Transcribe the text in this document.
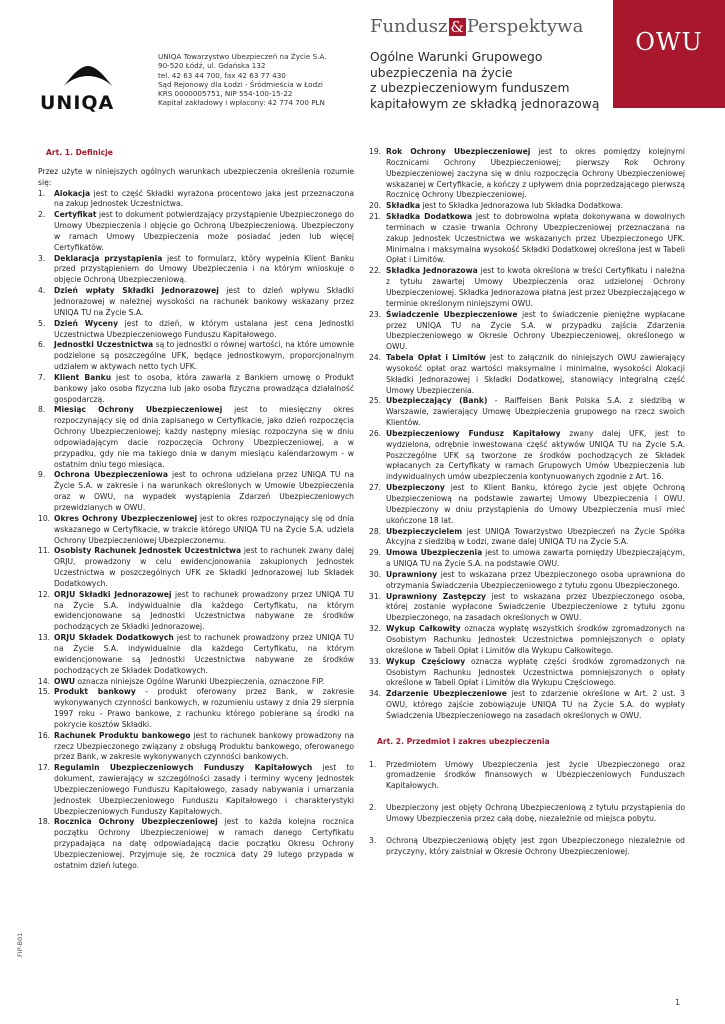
UNIQA
UNIQA Towarzystwo Ubezpieczeń na Życie S.A.
90-520 Łódź, ul. Gdańska 132
tel. 42 63 44 700, fax 42 63 77 430
Sąd Rejonowy dla Łodzi - Śródmieścia w Łodzi
KRS 0000005751, NIP 554-100-15-22
Kapitał zakładowy i wpłacony: 42 774 700 PLN
Fundusz & Perspektywa
Ogólne Warunki Grupowego
ubezpieczenia na życie
z ubezpieczeniowym funduszem
kapitałowym ze składką jednorazową
OWU
Art. 1. Definicje

Przez użyte w niniejszych ogólnych warunkach ubezpieczenia określenia rozumie się:

1. Alokacja jest to część Składki wyrażona procentowo jaka jest przeznaczona na zakup Jednostek Uczestnictwa.
2. Certyfikat jest to dokument potwierdzający przystąpienie Ubezpieczonego do Umowy Ubezpieczenia i objęcie go Ochroną Ubezpieczeniową. Ubezpieczony w ramach Umowy Ubezpieczenia może posiadać jeden lub więcej Certyfikatów.
3. Deklaracja przystąpienia jest to formularz, który wypełnia Klient Banku przed przystąpieniem do Umowy Ubezpieczenia i na którym wnioskuje o objęcie Ochroną Ubezpieczeniową.
4. Dzień wpłaty Składki Jednorazowej jest to dzień wpływu Składki Jednorazowej w należnej wysokości na rachunek bankowy wskazany przez UNIQA TU na Życie S.A.
5. Dzień Wyceny jest to dzień, w którym ustalana jest cena Jednostki Uczestnictwa Ubezpieczeniowego Funduszu Kapitałowego.
6. Jednostki Uczestnictwa są to jednostki o równej wartości, na które umownie podzielone są poszczególne UFK, będące jednostkowym, proporcjonalnym udziałem w aktywach netto tych UFK.
7. Klient Banku jest to osoba, która zawarła z Bankiem umowę o Produkt bankowy jako osoba fizyczna lub jako osoba fizyczna prowadząca działalność gospodarczą.
8. Miesiąc Ochrony Ubezpieczeniowej jest to miesięczny okres rozpoczynający się od dnia zapisanego w Certyfikacie, jako dzień rozpoczęcia Ochrony Ubezpieczeniowej; każdy następny miesiąc rozpoczyna się w dniu odpowiadającym dacie rozpoczęcia Ochrony Ubezpieczeniowej, a w przypadku, gdy nie ma takiego dnia w danym miesiącu kalendarzowym - w ostatnim dniu tego miesiąca.
9. Ochrona Ubezpieczeniowa jest to ochrona udzielana przez UNIQA TU na Życie S.A. w zakresie i na warunkach określonych w Umowie Ubezpieczenia oraz w OWU, na wypadek wystąpienia Zdarzeń Ubezpieczeniowych przewidzianych w OWU.
10. Okres Ochrony Ubezpieczeniowej jest to okres rozpoczynający się od dnia wskazanego w Certyfikacie, w trakcie którego UNIQA TU na Życie S.A. udziela Ochrony Ubezpieczeniowej Ubezpieczonemu.
11. Osobisty Rachunek Jednostek Uczestnictwa jest to rachunek zwany dalej ORJU, prowadzony w celu ewidencjonowania zakupionych Jednostek Uczestnictwa w poszczególnych UFK ze Składki Jednorazowej lub Składek Dodatkowych.
12. ORJU Składki Jednorazowej jest to rachunek prowadzony przez UNIQA TU na Życie S.A. indywidualnie dla każdego Certyfikatu, na którym ewidencjonowane są Jednostki Uczestnictwa nabywane ze środków pochodzących ze Składki Jednorazowej.
13. ORJU Składek Dodatkowych jest to rachunek prowadzony przez UNIQA TU na Życie S.A. indywidualnie dla każdego Certyfikatu, na którym ewidencjonowane są Jednostki Uczestnictwa nabywane ze środków pochodzących ze Składek Dodatkowych.
14. OWU oznacza niniejsze Ogólne Warunki Ubezpieczenia, oznaczone FIP.
15. Produkt bankowy - produkt oferowany przez Bank, w zakresie wykonywanych czynności bankowych, w rozumieniu ustawy z dnia 29 sierpnia 1997 roku - Prawo bankowe, z rachunku którego pobierane są środki na pokrycie kosztów Składki.
16. Rachunek Produktu bankowego jest to rachunek bankowy prowadzony na rzecz Ubezpieczonego związany z obsługą Produktu bankowego, oferowanego przez Bank, w zakresie wykonywanych czynności bankowych.
17. Regulamin Ubezpieczeniowych Funduszy Kapitałowych jest to dokument, zawierający w szczególności zasady i terminy wyceny Jednostek Ubezpieczeniowego Funduszu Kapitałowego, zasady nabywania i umarzania Jednostek Ubezpieczeniowego Funduszu Kapitałowego i charakterystyki Ubezpieczeniowych Funduszy Kapitałowych.
18. Rocznica Ochrony Ubezpieczeniowej jest to każda kolejna rocznica początku Ochrony Ubezpieczeniowej w ramach danego Certyfikatu przypadająca na datę odpowiadającą dacie początku Okresu Ochrony Ubezpieczeniowej. Przyjmuje się, że rocznica daty 29 lutego przypada w ostatnim dzień lutego.
19. Rok Ochrony Ubezpieczeniowej jest to okres pomiędzy kolejnymi Rocznicami Ochrony Ubezpieczeniowej; pierwszy Rok Ochrony Ubezpieczeniowej zaczyna się w dniu rozpoczęcia Ochrony Ubezpieczeniowej wskazanej w Certyfikacie, a kończy z upływem dnia poprzedzającego pierwszą Rocznicę Ochrony Ubezpieczeniowej.
20. Składka jest to Składka Jednorazowa lub Składka Dodatkowa.
21. Składka Dodatkowa jest to dobrowolna wpłata dokonywana w dowolnych terminach w czasie trwania Ochrony Ubezpieczeniowej przeznaczana na zakup Jednostek Uczestnictwa we wskazanych przez Ubezpieczonego UFK. Minimalna i maksymalna wysokość Składki Dodatkowej określona jest w Tabeli Opłat i Limitów.
22. Składka Jednorazowa jest to kwota określona w treści Certyfikatu i należna z tytułu zawartej Umowy Ubezpieczenia oraz udzielonej Ochrony Ubezpieczeniowej. Składka Jednorazowa płatna jest przez Ubezpieczającego w terminie określonym niniejszymi OWU.
23. Świadczenie Ubezpieczeniowe jest to świadczenie pieniężne wypłacane przez UNIQA TU na Życie S.A. w przypadku zajścia Zdarzenia Ubezpieczeniowego w Okresie Ochrony Ubezpieczeniowej, określonego w OWU.
24. Tabela Opłat i Limitów jest to załącznik do niniejszych OWU zawierający wysokość opłat oraz wartości maksymalne i minimalne, wysokości Alokacji Składki Jednorazowej i Składki Dodatkowej, stanowiący integralną część Umowy Ubezpieczenia.
25. Ubezpieczający (Bank) - Raiffeisen Bank Polska S.A. z siedzibą w Warszawie, zawierający Umowę Ubezpieczenia grupowego na rzecz swoich Klientów.
26. Ubezpieczeniowy Fundusz Kapitałowy zwany dalej UFK, jest to wydzielona, odrębnie inwestowana część aktywów UNIQA TU na Życie S.A. Poszczególne UFK są tworzone ze środków pochodzących ze Składek wpłacanych za Certyfikaty w ramach Grupowych Umów Ubezpieczenia lub indywidualnych umów ubezpieczenia kontynuowanych zgodnie z Art. 16.
27. Ubezpieczony jest to Klient Banku, którego życie jest objęte Ochroną Ubezpieczeniową na podstawie zawartej Umowy Ubezpieczenia i OWU. Ubezpieczony w dniu przystąpienia do Umowy Ubezpieczenia musi mieć ukończone 18 lat.
28. Ubezpieczycielem jest UNIQA Towarzystwo Ubezpieczeń na Życie Spółka Akcyjna z siedzibą w Łodzi, zwane dalej UNIQA TU na Życie S.A.
29. Umowa Ubezpieczenia jest to umowa zawarta pomiędzy Ubezpieczającym, a UNIQA TU na Życie S.A. na podstawie OWU.
30. Uprawniony jest to wskazana przez Ubezpieczonego osoba uprawniona do otrzymania Świadczenia Ubezpieczeniowego z tytułu zgonu Ubezpieczonego.
31. Uprawniony Zastępczy jest to wskazana przez Ubezpieczonego osoba, której zostanie wypłacone Świadczenie Ubezpieczeniowe z tytułu zgonu Ubezpieczonego, na zasadach określonych w OWU.
32. Wykup Całkowity oznacza wypłatę wszystkich środków zgromadzonych na Osobistym Rachunku Jednostek Uczestnictwa pomniejszonych o opłaty określone w Tabeli Opłat i Limitów dla Wykupu Całkowitego.
33. Wykup Częściowy oznacza wypłatę części środków zgromadzonych na Osobistym Rachunku Jednostek Uczestnictwa pomniejszonych o opłaty określone w Tabeli Opłat i Limitów dla Wykupu Częściowego.
34. Zdarzenie Ubezpieczeniowe jest to zdarzenie określone w Art. 2 ust. 3 OWU, którego zajście zobowiązuje UNIQA TU na Życie S.A. do wypłaty Świadczenia Ubezpieczeniowego na zasadach określonych w OWU.
Art. 2. Przedmiot i zakres ubezpieczenia
1. Przedmiotem Umowy Ubezpieczenia jest życie Ubezpieczonego oraz gromadzenie środków finansowych w Ubezpieczeniowych Funduszach Kapitałowych.
2. Ubezpieczony jest objęty Ochroną Ubezpieczeniową z tytułu przystąpienia do Umowy Ubezpieczenia przez całą dobę, niezależnie od miejsca pobytu.
3. Ochroną Ubezpieczeniową objęty jest zgon Ubezpieczonego niezależnie od przyczyny, który zaistniał w Okresie Ochrony Ubezpieczeniowej.
FIP-B01
1
